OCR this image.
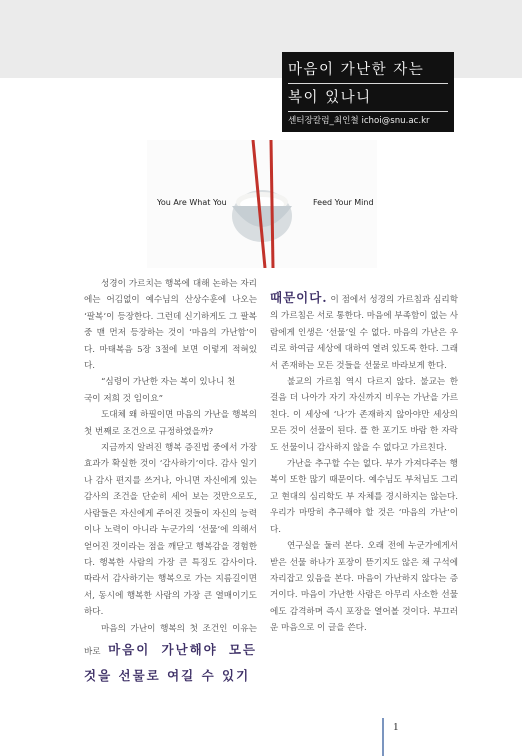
마음이 가난한 자는
복이 있나니
센터장칼럼_최인철 ichoi@snu.ac.kr
You Are What You	Feed Your Mind

성경이 가르치는 행복에 대해 논하는 자리에는 어김없이 예수님의 산상수훈에 나오는 ‘팔복’이 등장한다. 그런데 신기하게도 그 팔복 중 맨 먼저 등장하는 것이 ‘마음의 가난함’이다. 마태복음 5장 3절에 보면 이렇게 적혀있다.

“심령이 가난한 자는 복이 있나니 천

국이 저희 것 임이요”

도대체 왜 하필이면 마음의 가난을 행복의 첫 번째로 조건으로 규정하였을까?

지금까지 알려진 행복 증진법 중에서 가장 효과가 확실한 것이 ‘감사하기’이다. 감사 일기나 감사 편지를 쓰거나, 아니면 자신에게 있는 감사의 조건을 단순히 세어 보는 것만으로도, 사람들은 자신에게 주어진 것들이 자신의 능력이나 노력이 아니라 누군가의 ‘선물’에 의해서 얻어진 것이라는 점을 깨닫고 행복감을 경험한다. 행복한 사람의 가장 큰 특징도 감사이다. 따라서 감사하기는 행복으로 가는 지름길이면서, 동시에 행복한 사람의 가장 큰 열매이기도 하다.

마음의 가난이 행복의 첫 조건인 이유는 바로 마음이 가난해야 모든 것을 선물로 여길 수 있기

때문이다. 이 점에서 성경의 가르침과 심리학의 가르침은 서로 통한다. 마음에 부족함이 없는 사람에게 인생은 ‘선물’일 수 없다. 마음의 가난은 우리로 하여금 세상에 대하여 열려 있도록 한다. 그래서 존재하는 모든 것들을 선물로 바라보게 한다.

불교의 가르침 역시 다르지 않다. 불교는 한 걸음 더 나아가 자기 자신까지 비우는 가난을 가르친다. 이 세상에 ‘나’가 존재하지 않아야만 세상의 모든 것이 선물이 된다. 플 한 포기도 바람 한 자락도 선물이니 감사하지 않을 수 없다고 가르친다.

가난을 추구할 수는 없다. 부가 가져다주는 행복이 또한 많기 때문이다. 예수님도 부처님도 그리고 현대의 심리학도 부 자체를 경시하지는 않는다. 우리가 마땅히 추구해야 할 것은 ‘마음의 가난’이다.

연구실을 둘러 본다. 오래 전에 누군가에게서 받은 선물 하나가 포장이 뜯기지도 않은 채 구석에 자리잡고 있음을 본다. 마음이 가난하지 않다는 증거이다. 마음이 가난한 사람은 아무리 사소한 선물에도 감격하며 즉시 포장을 열어볼 것이다. 부끄러운 마음으로 이 글을 쓴다.

1
